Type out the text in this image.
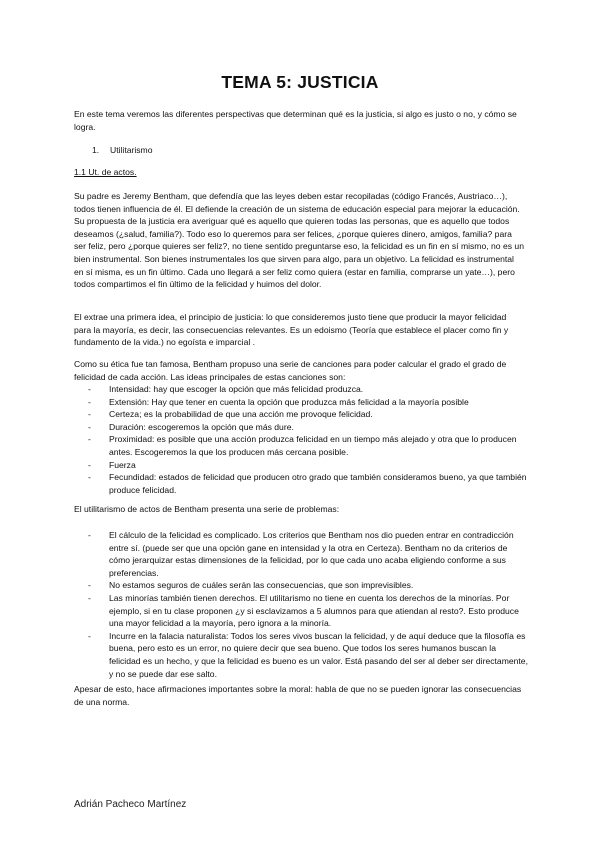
TEMA 5: JUSTICIA
En este tema veremos las diferentes perspectivas que determinan qué es la justicia, si algo es justo o no, y cómo se logra.
1. Utilitarismo
1.1 Ut. de actos.
Su padre es Jeremy Bentham, que defendía que las leyes deben estar recopiladas (código Francés, Austriaco…), todos tienen influencia de él. El defiende la creación de un sistema de educación especial para mejorar la educación. Su propuesta de la justicia era averiguar qué es aquello que quieren todas las personas, que es aquello que todos deseamos (¿salud, familia?). Todo eso lo queremos para ser felices, ¿porque quieres dinero, amigos, familia? para ser feliz, pero ¿porque quieres ser feliz?, no tiene sentido preguntarse eso, la felicidad es un fin en sí mismo, no es un bien instrumental. Son bienes instrumentales los que sirven para algo, para un objetivo. La felicidad es instrumental en sí misma, es un fin último. Cada uno llegará a ser feliz como quiera (estar en familia, comprarse un yate…), pero todos compartimos el fin último de la felicidad y huimos del dolor.
El extrae una primera idea, el principio de justicia: lo que consideremos justo tiene que producir la mayor felicidad para la mayoría, es decir, las consecuencias relevantes. Es un edoismo (Teoría que establece el placer como fin y fundamento de la vida.) no egoísta e imparcial .
Como su ética fue tan famosa, Bentham propuso una serie de canciones para poder calcular el grado el grado de felicidad de cada acción. Las ideas principales de estas canciones son:
- Intensidad: hay que escoger la opción que más felicidad produzca.
- Extensión: Hay que tener en cuenta la opción que produzca más felicidad a la mayoría posible
- Certeza; es la probabilidad de que una acción me provoque felicidad.
- Duración: escogeremos la opción que más dure.
- Proximidad: es posible que una acción produzca felicidad en un tiempo más alejado y otra que lo producen antes. Escogeremos la que los producen más cercana posible.
- Fuerza
- Fecundidad: estados de felicidad que producen otro grado que también consideramos bueno, ya que también produce felicidad.
El utilitarismo de actos de Bentham presenta una serie de problemas:
- El cálculo de la felicidad es complicado. Los criterios que Bentham nos dio pueden entrar en contradicción entre sí. (puede ser que una opción gane en intensidad y la otra en Certeza). Bentham no da criterios de cómo jerarquizar estas dimensiones de la felicidad, por lo que cada uno acaba eligiendo conforme a sus preferencias.
- No estamos seguros de cuáles serán las consecuencias, que son imprevisibles.
- Las minorías también tienen derechos. El utilitarismo no tiene en cuenta los derechos de la minorías. Por ejemplo, si en tu clase proponen ¿y si esclavizamos a 5 alumnos para que atiendan al resto?. Esto produce una mayor felicidad a la mayoría, pero ignora a la minoría.
- Incurre en la falacia naturalista: Todos los seres vivos buscan la felicidad, y de aquí deduce que la filosofía es buena, pero esto es un error, no quiere decir que sea bueno. Que todos los seres humanos buscan la felicidad es un hecho, y que la felicidad es bueno es un valor. Está pasando del ser al deber ser directamente, y no se puede dar ese salto.
Apesar de esto, hace afirmaciones importantes sobre la moral: habla de que no se pueden ignorar las consecuencias de una norma.
Adrián Pacheco Martínez
